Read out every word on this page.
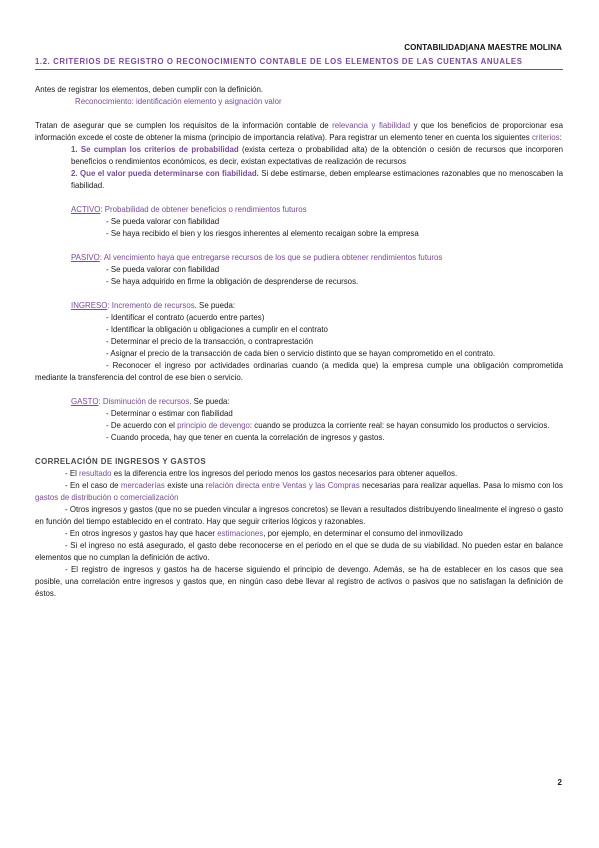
CONTABILIDAD|ANA MAESTRE MOLINA
1.2. CRITERIOS DE REGISTRO O RECONOCIMIENTO CONTABLE DE LOS ELEMENTOS DE LAS CUENTAS ANUALES

Antes de registrar los elementos, deben cumplir con la definición.

Reconocimiento: identificación elemento y asignación valor

Tratan de asegurar que se cumplen los requisitos de la información contable de relevancia y fiabilidad y que los beneficios de proporcionar esa información excede el coste de obtener la misma (principio de importancia relativa). Para registrar un elemento tener en cuenta los siguientes criterios:

1. Se cumplan los criterios de probabilidad (exista certeza o probabilidad alta) de la obtención o cesión de recursos que incorporen beneficios o rendimientos económicos, es decir, existan expectativas de realización de recursos

2. Que el valor pueda determinarse con fiabilidad. Si debe estimarse, deben emplearse estimaciones razonables que no menoscaben la fiabilidad.

ACTIVO: Probabilidad de obtener beneficios o rendimientos futuros

- Se pueda valorar con fiabilidad

- Se haya recibido el bien y los riesgos inherentes al elemento recaigan sobre la empresa

PASIVO: Al vencimiento haya que entregarse recursos de los que se pudiera obtener rendimientos futuros

- Se pueda valorar con fiabilidad

- Se haya adquirido en firme la obligación de desprenderse de recursos.

INGRESO: Incremento de recursos. Se pueda:

- Identificar el contrato (acuerdo entre partes)

- Identificar la obligación u obligaciones a cumplir en el contrato

- Determinar el precio de la transacción, o contraprestación

- Asignar el precio de la transacción de cada bien o servicio distinto que se hayan comprometido en el contrato.

- Reconocer el ingreso por actividades ordinarias cuando (a medida que) la empresa cumple una obligación comprometida mediante la transferencia del control de ese bien o servicio.

GASTO: Disminución de recursos. Se pueda:

- Determinar o estimar con fiabilidad

- De acuerdo con el principio de devengo: cuando se produzca la corriente real: se hayan consumido los productos o servicios.

- Cuando proceda, hay que tener en cuenta la correlación de ingresos y gastos.

CORRELACIÓN DE INGRESOS Y GASTOS

- El resultado es la diferencia entre los ingresos del periodo menos los gastos necesarios para obtener aquellos.

- En el caso de mercaderías existe una relación directa entre Ventas y las Compras necesarias para realizar aquellas. Pasa lo mismo con los gastos de distribución o comercialización

- Otros ingresos y gastos (que no se pueden vincular a ingresos concretos) se llevan a resultados distribuyendo linealmente el ingreso o gasto en función del tiempo establecido en el contrato. Hay que seguir criterios lógicos y razonables.

- En otros ingresos y gastos hay que hacer estimaciones, por ejemplo, en determinar el consumo del inmovilizado

- Si el ingreso no está asegurado, el gasto debe reconocerse en el periodo en el que se duda de su viabilidad. No pueden estar en balance elementos que no cumplan la definición de activo.

- El registro de ingresos y gastos ha de hacerse siguiendo el principio de devengo. Además, se ha de establecer en los casos que sea posible, una correlación entre ingresos y gastos que, en ningún caso debe llevar al registro de activos o pasivos que no satisfagan la definición de éstos.

2
